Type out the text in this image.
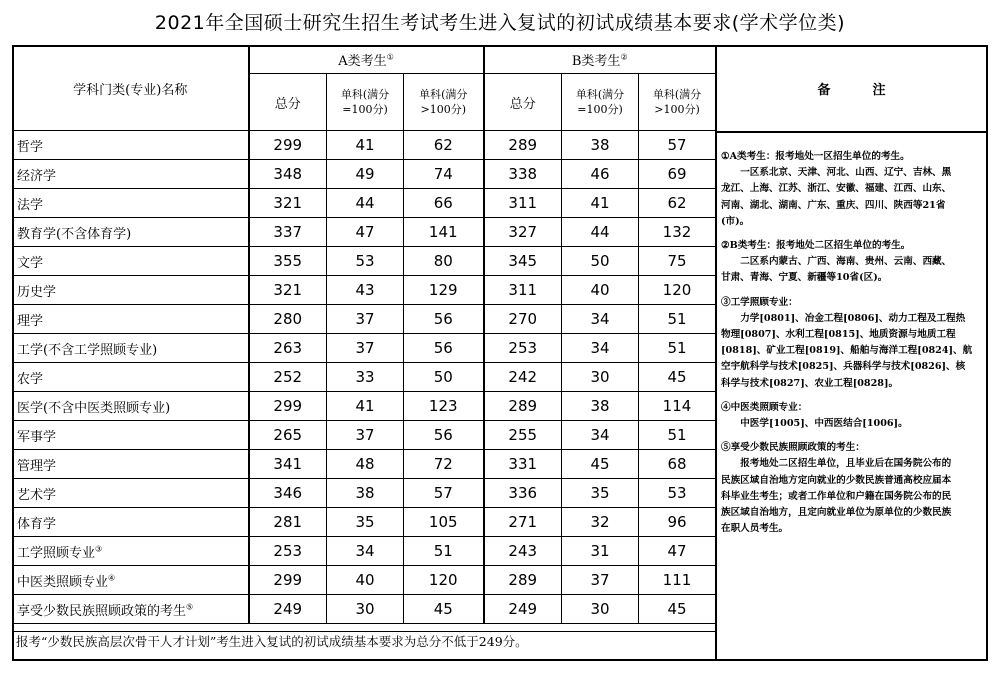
2021年全国硕士研究生招生考试考生进入复试的初试成绩基本要求(学术学位类)
学科门类(专业)名称	A类考生①			B类考生②
	总分	单科(满分
=100分)	单科(满分
>100分)	总分	单科(满分
=100分)	单科(满分
>100分)
哲学	299	41	62	289	38	57
经济学	348	49	74	338	46	69
法学	321	44	66	311	41	62
教育学(不含体育学)	337	47	141	327	44	132
文学	355	53	80	345	50	75
历史学	321	43	129	311	40	120
理学	280	37	56	270	34	51
工学(不含工学照顾专业)	263	37	56	253	34	51
农学	252	33	50	242	30	45
医学(不含中医类照顾专业)	299	41	123	289	38	114
军事学	265	37	56	255	34	51
管理学	341	48	72	331	45	68
艺术学	346	38	57	336	35	53
体育学	281	35	105	271	32	96
工学照顾专业③	253	34	51	243	31	47
中医类照顾专业④	299	40	120	289	37	111
享受少数民族照顾政策的考生⑤	249	30	45	249	30	45
报考“少数民族高层次骨干人才计划”考生进入复试的初试成绩基本要求为总分不低于249分。
备	注
①A类考生：报考地处一区招生单位的考生。
一区系北京、天津、河北、山西、辽宁、吉林、黑
龙江、上海、江苏、浙江、安徽、福建、江西、山东、
河南、湖北、湖南、广东、重庆、四川、陕西等21省
(市)。
②B类考生：报考地处二区招生单位的考生。
二区系内蒙古、广西、海南、贵州、云南、西藏、
甘肃、青海、宁夏、新疆等10省(区)。
③工学照顾专业：
力学[0801]、冶金工程[0806]、动力工程及工程热
物理[0807]、水利工程[0815]、地质资源与地质工程
[0818]、矿业工程[0819]、船舶与海洋工程[0824]、航
空宇航科学与技术[0825]、兵器科学与技术[0826]、核
科学与技术[0827]、农业工程[0828]。
④中医类照顾专业：
中医学[1005]、中西医结合[1006]。
⑤享受少数民族照顾政策的考生：
报考地处二区招生单位，且毕业后在国务院公布的
民族区域自治地方定向就业的少数民族普通高校应届本
科毕业生考生；或者工作单位和户籍在国务院公布的民
族区域自治地方，且定向就业单位为原单位的少数民族
在职人员考生。
